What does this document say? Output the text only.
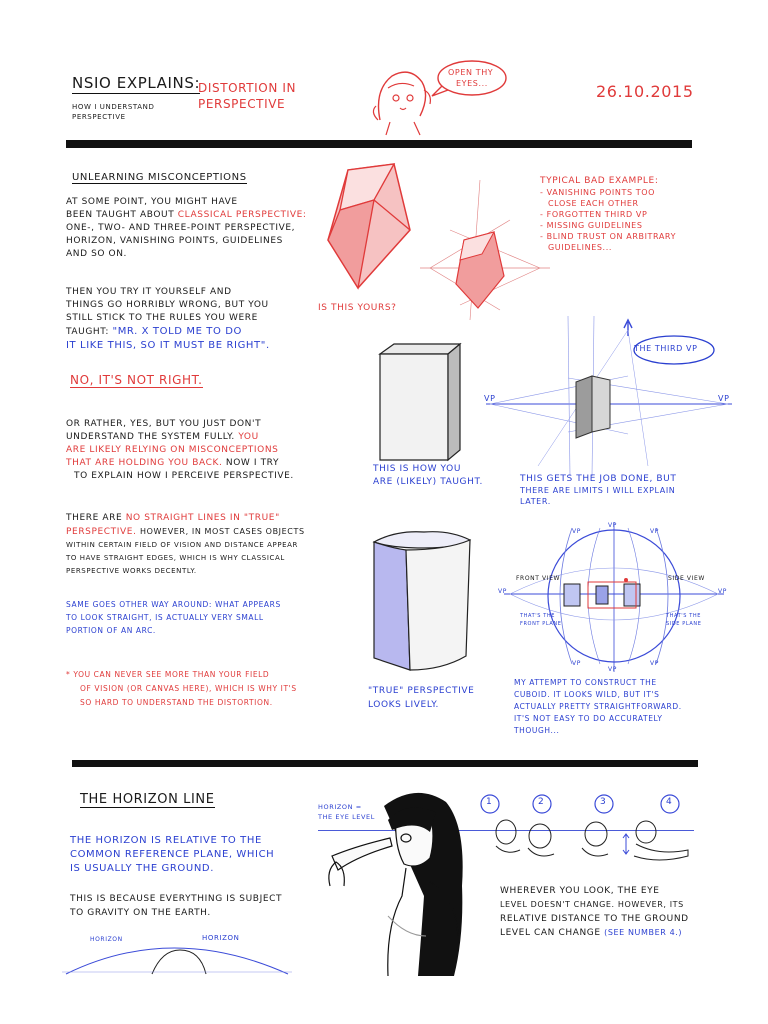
NSIO EXPLAINS:
HOW I UNDERSTAND
PERSPECTIVE
DISTORTION IN
PERSPECTIVE
OPEN THY
EYES...	26.10.2015
UNLEARNING MISCONCEPTIONS
AT SOME POINT, YOU MIGHT HAVE
BEEN TAUGHT ABOUT CLASSICAL PERSPECTIVE:
ONE-, TWO- AND THREE-POINT PERSPECTIVE,
HORIZON, VANISHING POINTS, GUIDELINES
AND SO ON.
THEN YOU TRY IT YOURSELF AND
THINGS GO HORRIBLY WRONG, BUT YOU
STILL STICK TO THE RULES YOU WERE
TAUGHT: "MR. X TOLD ME TO DO
IT LIKE THIS, SO IT MUST BE RIGHT".
NO, IT'S NOT RIGHT.
OR RATHER, YES, BUT YOU JUST DON'T
UNDERSTAND THE SYSTEM FULLY. YOU
ARE LIKELY RELYING ON MISCONCEPTIONS
THAT ARE HOLDING YOU BACK. NOW I TRY
TO EXPLAIN HOW I PERCEIVE PERSPECTIVE.
THERE ARE NO STRAIGHT LINES IN "TRUE"
PERSPECTIVE. HOWEVER, IN MOST CASES OBJECTS
WITHIN CERTAIN FIELD OF VISION AND DISTANCE APPEAR
TO HAVE STRAIGHT EDGES, WHICH IS WHY CLASSICAL
PERSPECTIVE WORKS DECENTLY.
SAME GOES OTHER WAY AROUND: WHAT APPEARS
TO LOOK STRAIGHT, IS ACTUALLY VERY SMALL
PORTION OF AN ARC.
* YOU CAN NEVER SEE MORE THAN YOUR FIELD
OF VISION (OR CANVAS HERE), WHICH IS WHY IT'S
SO HARD TO UNDERSTAND THE DISTORTION.
IS THIS YOURS?
TYPICAL BAD EXAMPLE:
- VANISHING POINTS TOO
CLOSE EACH OTHER
- FORGOTTEN THIRD VP
- MISSING GUIDELINES
- BLIND TRUST ON ARBITRARY
GUIDELINES...
THIS IS HOW YOU
ARE (LIKELY) TAUGHT.
VP	VP
THE THIRD VP
THIS GETS THE JOB DONE, BUT
THERE ARE LIMITS I WILL EXPLAIN
LATER.
"TRUE" PERSPECTIVE
LOOKS LIVELY.
VP
VP
VP
VP	VP
VP
VP
VP
FRONT VIEW	SIDE VIEW
THAT'S THE
FRONT PLANE
THAT'S THE
SIDE PLANE
MY ATTEMPT TO CONSTRUCT THE
CUBOID. IT LOOKS WILD, BUT IT'S
ACTUALLY PRETTY STRAIGHTFORWARD.
IT'S NOT EASY TO DO ACCURATELY
THOUGH...
THE HORIZON LINE
THE HORIZON IS RELATIVE TO THE
COMMON REFERENCE PLANE, WHICH
IS USUALLY THE GROUND.
THIS IS BECAUSE EVERYTHING IS SUBJECT
TO GRAVITY ON THE EARTH.
HORIZON	HORIZON
HORIZON =
THE EYE LEVEL
1	2	3	4
WHEREVER YOU LOOK, THE EYE
LEVEL DOESN'T CHANGE. HOWEVER, ITS
RELATIVE DISTANCE TO THE GROUND
LEVEL CAN CHANGE (SEE NUMBER 4.)
